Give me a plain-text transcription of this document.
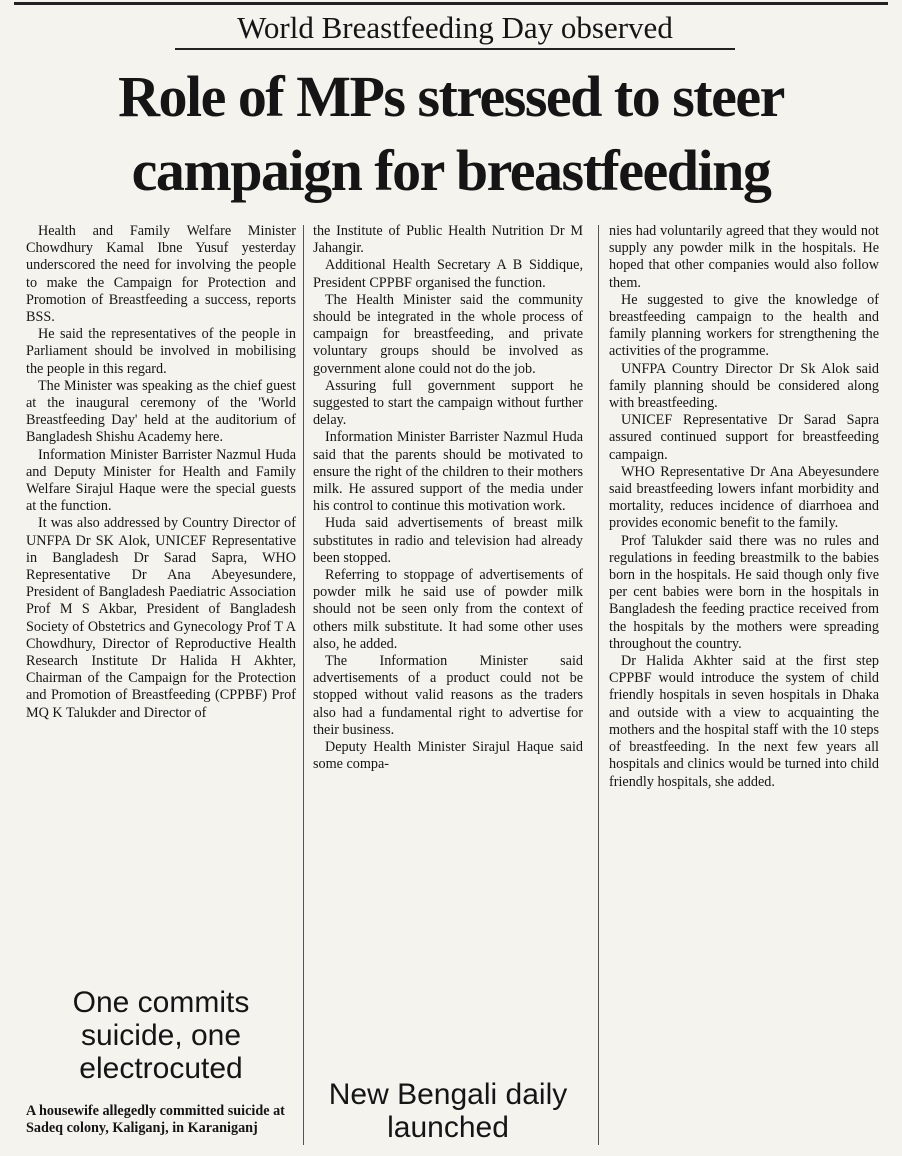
World Breastfeeding Day observed
Role of MPs stressed to steer
campaign for breastfeeding

Health and Family Welfare Minister Chowdhury Kamal Ibne Yusuf yesterday underscored the need for involving the people to make the Campaign for Protection and Promotion of Breastfeeding a success, reports BSS.

He said the representatives of the people in Parliament should be involved in mobilising the people in this regard.

The Minister was speaking as the chief guest at the inaugural ceremony of the 'World Breastfeeding Day' held at the auditorium of Bangladesh Shishu Academy here.

Information Minister Barrister Nazmul Huda and Deputy Minister for Health and Family Welfare Sirajul Haque were the special guests at the function.

It was also addressed by Country Director of UNFPA Dr SK Alok, UNICEF Representative in Bangladesh Dr Sarad Sapra, WHO Representative Dr Ana Abeyesundere, President of Bangladesh Paediatric Association Prof M S Akbar, President of Bangladesh Society of Obstetrics and Gynecology Prof T A Chowdhury, Director of Reproductive Health Research Institute Dr Halida H Akhter, Chairman of the Campaign for the Protection and Promotion of Breastfeeding (CPPBF) Prof MQ K Talukder and Director of

the Institute of Public Health Nutrition Dr M Jahangir.

Additional Health Secretary A B Siddique, President CPPBF organised the function.

The Health Minister said the community should be integrated in the whole process of campaign for breastfeeding, and private voluntary groups should be involved as government alone could not do the job.

Assuring full government support he suggested to start the campaign without further delay.

Information Minister Barrister Nazmul Huda said that the parents should be motivated to ensure the right of the children to their mothers milk. He assured support of the media under his control to continue this motivation work.

Huda said advertisements of breast milk substitutes in radio and television had already been stopped.

Referring to stoppage of advertisements of powder milk he said use of powder milk should not be seen only from the context of others milk substitute. It had some other uses also, he added.

The Information Minister said advertisements of a product could not be stopped without valid reasons as the traders also had a fundamental right to advertise for their business.

Deputy Health Minister Sirajul Haque said some compa-

nies had voluntarily agreed that they would not supply any powder milk in the hospitals. He hoped that other companies would also follow them.

He suggested to give the knowledge of breastfeeding campaign to the health and family planning workers for strengthening the activities of the programme.

UNFPA Country Director Dr Sk Alok said family planning should be considered along with breastfeeding.

UNICEF Representative Dr Sarad Sapra assured continued support for breastfeeding campaign.

WHO Representative Dr Ana Abeyesundere said breastfeeding lowers infant morbidity and mortality, reduces incidence of diarrhoea and provides economic benefit to the family.

Prof Talukder said there was no rules and regulations in feeding breastmilk to the babies born in the hospitals. He said though only five per cent babies were born in the hospitals in Bangladesh the feeding practice received from the hospitals by the mothers were spreading throughout the country.

Dr Halida Akhter said at the first step CPPBF would introduce the system of child friendly hospitals in seven hospitals in Dhaka and outside with a view to acquainting the mothers and the hospital staff with the 10 steps of breastfeeding. In the next few years all hospitals and clinics would be turned into child friendly hospitals, she added.

One commits suicide, one electrocuted
A housewife allegedly committed suicide at Sadeq colony, Kaliganj, in Karaniganj
New Bengali daily launched
